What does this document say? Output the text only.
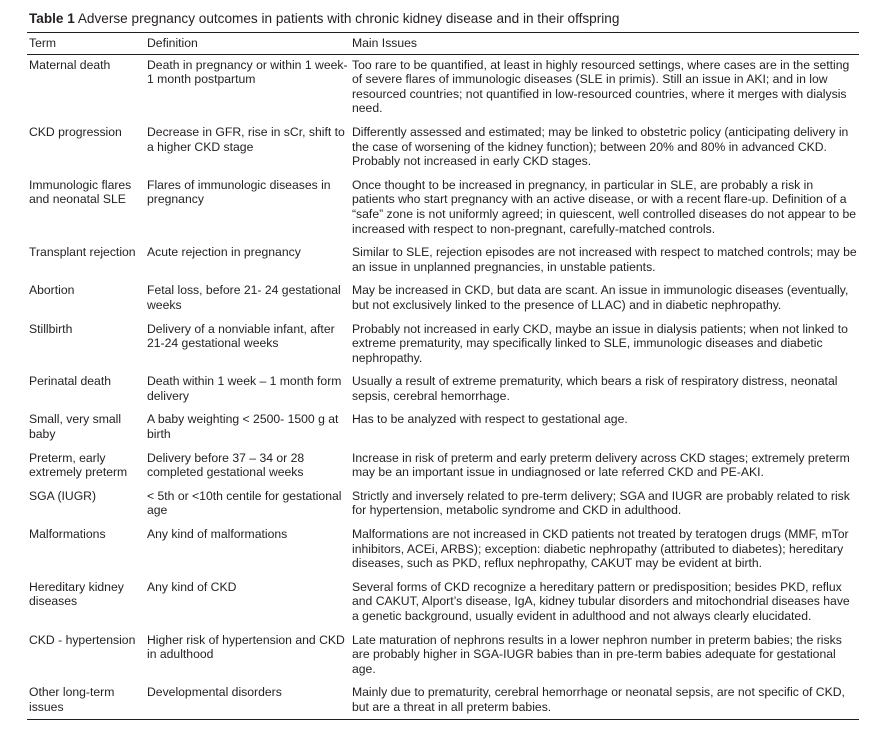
Table 1 Adverse pregnancy outcomes in patients with chronic kidney disease and in their offspring
Term	Definition	Main Issues
Maternal death	Death in pregnancy or within 1 week-1 month postpartum	Too rare to be quantified, at least in highly resourced settings, where cases are in the setting of severe flares of immunologic diseases (SLE in primis). Still an issue in AKI; and in low resourced countries; not quantified in low-resourced countries, where it merges with dialysis need.
CKD progression	Decrease in GFR, rise in sCr, shift to a higher CKD stage	Differently assessed and estimated; may be linked to obstetric policy (anticipating delivery in the case of worsening of the kidney function); between 20% and 80% in advanced CKD. Probably not increased in early CKD stages.
Immunologic flares and neonatal SLE	Flares of immunologic diseases in pregnancy	Once thought to be increased in pregnancy, in particular in SLE, are probably a risk in patients who start pregnancy with an active disease, or with a recent flare-up. Definition of a “safe” zone is not uniformly agreed; in quiescent, well controlled diseases do not appear to be increased with respect to non-pregnant, carefully-matched controls.
Transplant rejection	Acute rejection in pregnancy	Similar to SLE, rejection episodes are not increased with respect to matched controls; may be an issue in unplanned pregnancies, in unstable patients.
Abortion	Fetal loss, before 21- 24 gestational weeks	May be increased in CKD, but data are scant. An issue in immunologic diseases (eventually, but not exclusively linked to the presence of LLAC) and in diabetic nephropathy.
Stillbirth	Delivery of a nonviable infant, after 21-24 gestational weeks	Probably not increased in early CKD, maybe an issue in dialysis patients; when not linked to extreme prematurity, may specifically linked to SLE, immunologic diseases and diabetic nephropathy.
Perinatal death	Death within 1 week – 1 month form delivery	Usually a result of extreme prematurity, which bears a risk of respiratory distress, neonatal sepsis, cerebral hemorrhage.
Small, very small baby	A baby weighting < 2500- 1500 g at birth	Has to be analyzed with respect to gestational age.
Preterm, early extremely preterm	Delivery before 37 – 34 or 28 completed gestational weeks	Increase in risk of preterm and early preterm delivery across CKD stages; extremely preterm may be an important issue in undiagnosed or late referred CKD and PE-AKI.
SGA (IUGR)	< 5th or <10th centile for gestational age	Strictly and inversely related to pre-term delivery; SGA and IUGR are probably related to risk for hypertension, metabolic syndrome and CKD in adulthood.
Malformations	Any kind of malformations	Malformations are not increased in CKD patients not treated by teratogen drugs (MMF, mTor inhibitors, ACEi, ARBS); exception: diabetic nephropathy (attributed to diabetes); hereditary diseases, such as PKD, reflux nephropathy, CAKUT may be evident at birth.
Hereditary kidney diseases	Any kind of CKD	Several forms of CKD recognize a hereditary pattern or predisposition; besides PKD, reflux and CAKUT, Alport’s disease, IgA, kidney tubular disorders and mitochondrial diseases have a genetic background, usually evident in adulthood and not always clearly elucidated.
CKD - hypertension	Higher risk of hypertension and CKD in adulthood	Late maturation of nephrons results in a lower nephron number in preterm babies; the risks are probably higher in SGA-IUGR babies than in pre-term babies adequate for gestational age.
Other long-term issues	Developmental disorders	Mainly due to prematurity, cerebral hemorrhage or neonatal sepsis, are not specific of CKD, but are a threat in all preterm babies.
